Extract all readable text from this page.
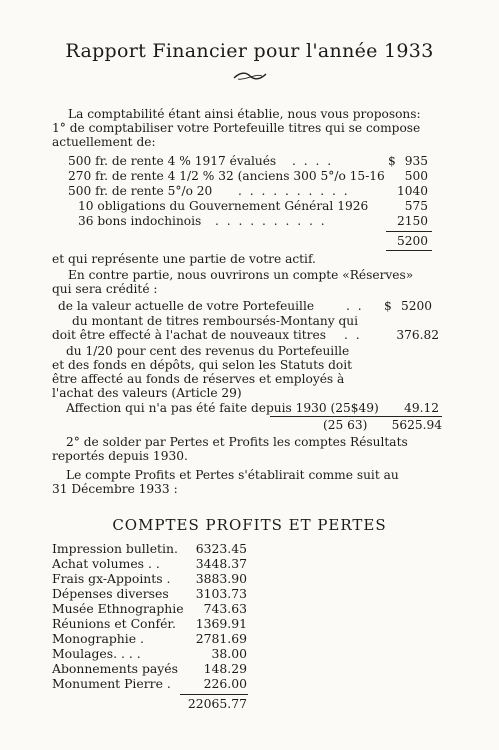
Rapport Financier pour l'année 1933
La comptabilité étant ainsi établie, nous vous proposons:
1° de comptabiliser votre Portefeuille titres qui se compose
actuellement de:
500 fr. de rente 4 % 1917 évalués . . . .	$ 935
270 fr. de rente 4 1/2 % 32 (anciens 300 5°/o 15-16 500
500 fr. de rente 5°/o 20 . . . . . . . . . .	1040
10 obligations du Gouvernement Général 1926	575
36 bons indochinois . . . . . . . . . .	2150
5200
et qui représente une partie de votre actif.
En contre partie, nous ouvrirons un compte «Réserves»
qui sera crédité :
de la valeur actuelle de votre Portefeuille	. . $ 5200
du montant de titres remboursés-Montany qui
doit être effecté à l'achat de nouveaux titres . .	376.82
du 1/20 pour cent des revenus du Portefeuille
et des fonds en dépôts, qui selon les Statuts doit
être affecté au fonds de réserves et employés à
l'achat des valeurs (Article 29)
Affection qui n'a pas été faite depuis 1930 (25$49) 49.12
(25 63) 5625.94
2° de solder par Pertes et Profits les comptes Résultats
reportés depuis 1930.
Le compte Profits et Pertes s'établirait comme suit au
31 Décembre 1933 :
COMPTES PROFITS ET PERTES
Impression bulletin. 6323.45
Achat volumes . .	3448.37
Frais gx-Appoints . 3883.90
Dépenses diverses 3103.73
Musée Ethnographie 743.63
Réunions et Confér. 1369.91
Monographie .	2781.69
Moulages. . . .	38.00
Abonnements payés 148.29
Monument Pierre .	226.00
22065.77
